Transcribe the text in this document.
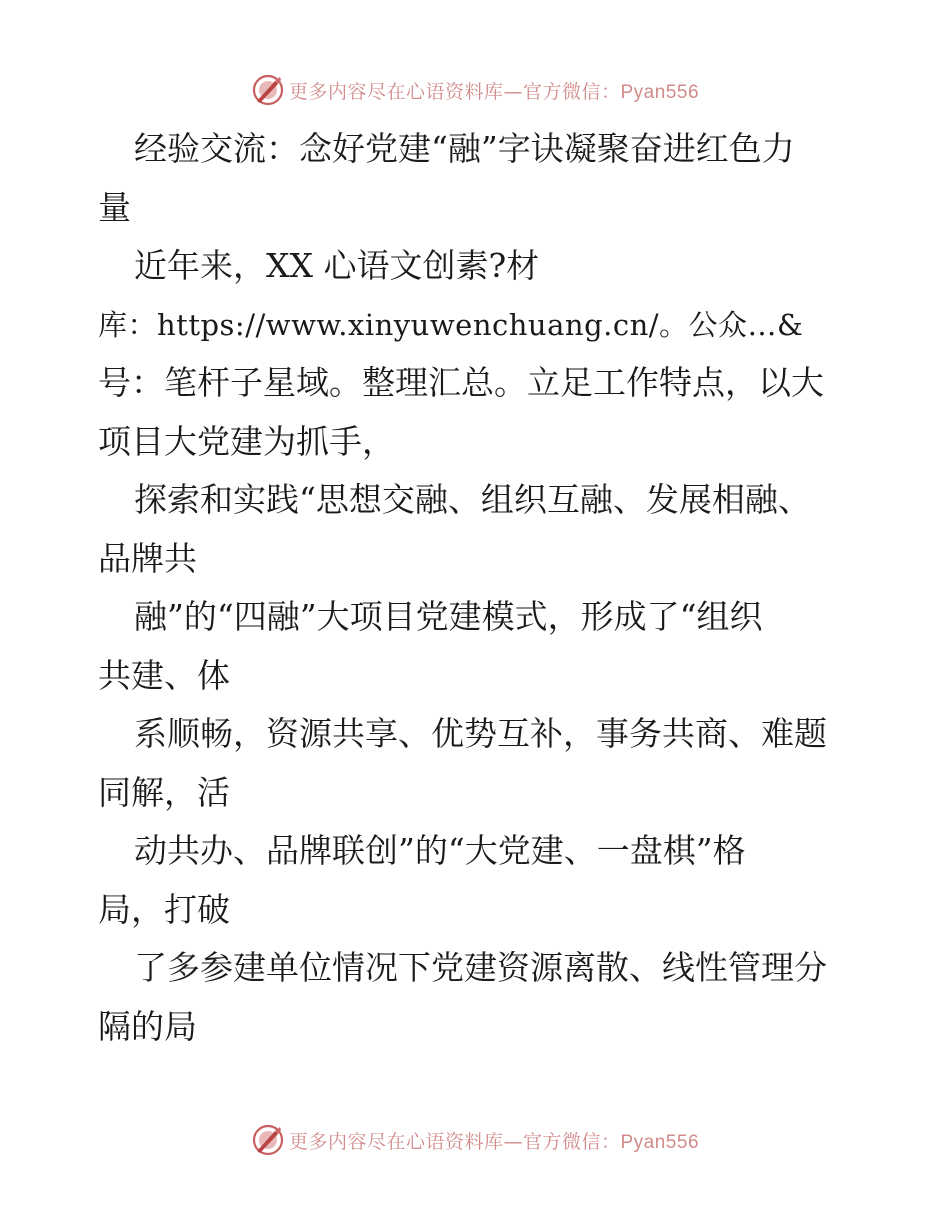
更多内容尽在心语资料库—官方微信：Pyan556
经验交流：念好党建“融”字诀凝聚奋进红色力
量
近年来，XX 心语文创素?材
库：https://www.xinyuwenchuang.cn/。公众…&
号：笔杆子星域。整理汇总。立足工作特点，以大
项目大党建为抓手，
探索和实践“思想交融、组织互融、发展相融、
品牌共
融”的“四融”大项目党建模式，形成了“组织
共建、体
系顺畅，资源共享、优势互补，事务共商、难题
同解，活
动共办、品牌联创”的“大党建、一盘棋”格
局，打破
了多参建单位情况下党建资源离散、线性管理分
隔的局
更多内容尽在心语资料库—官方微信：Pyan556
